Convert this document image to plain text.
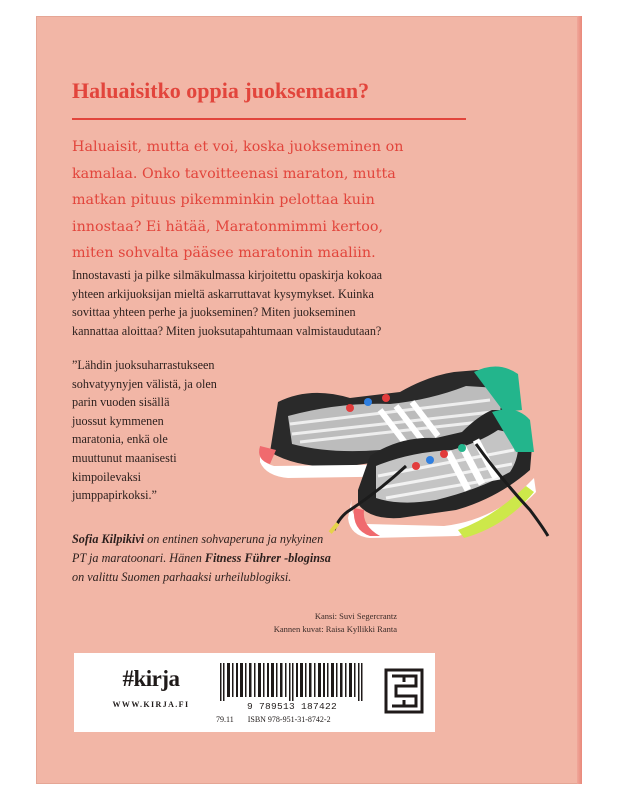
Haluaisitko oppia juoksemaan?

Haluaisit, mutta et voi, koska juokseminen on
kamalaa. Onko tavoitteenasi maraton, mutta
matkan pituus pikemminkin pelottaa kuin
innostaa? Ei hätää, Maratonmimmi kertoo,
miten sohvalta pääsee maratonin maaliin.

Innostavasti ja pilke silmäkulmassa kirjoitettu opaskirja kokoaa
yhteen arkijuoksijan mieltä askarruttavat kysymykset. Kuinka
sovittaa yhteen perhe ja juokseminen? Miten juokseminen
kannattaa aloittaa? Miten juoksutapahtumaan valmistaudutaan?

”Lähdin juoksuharrastukseen
sohvatyynyjen välistä, ja olen
parin vuoden sisällä
juossut kymmenen
maratonia, enkä ole
muuttunut maanisesti
kimpoilevaksi
jumppapirkoksi.”

Sofia Kilpikivi on entinen sohvaperuna ja nykyinen
PT ja maratoonari. Hänen Fitness Führer -bloginsa
on valittu Suomen parhaaksi urheilublogiksi.

Kansi: Suvi Segercrantz
Kannen kuvat: Raisa Kyllikki Ranta

#kirja
WWW.KIRJA.FI	9 789513 187422
79.11 ISBN 978-951-31-8742-2
